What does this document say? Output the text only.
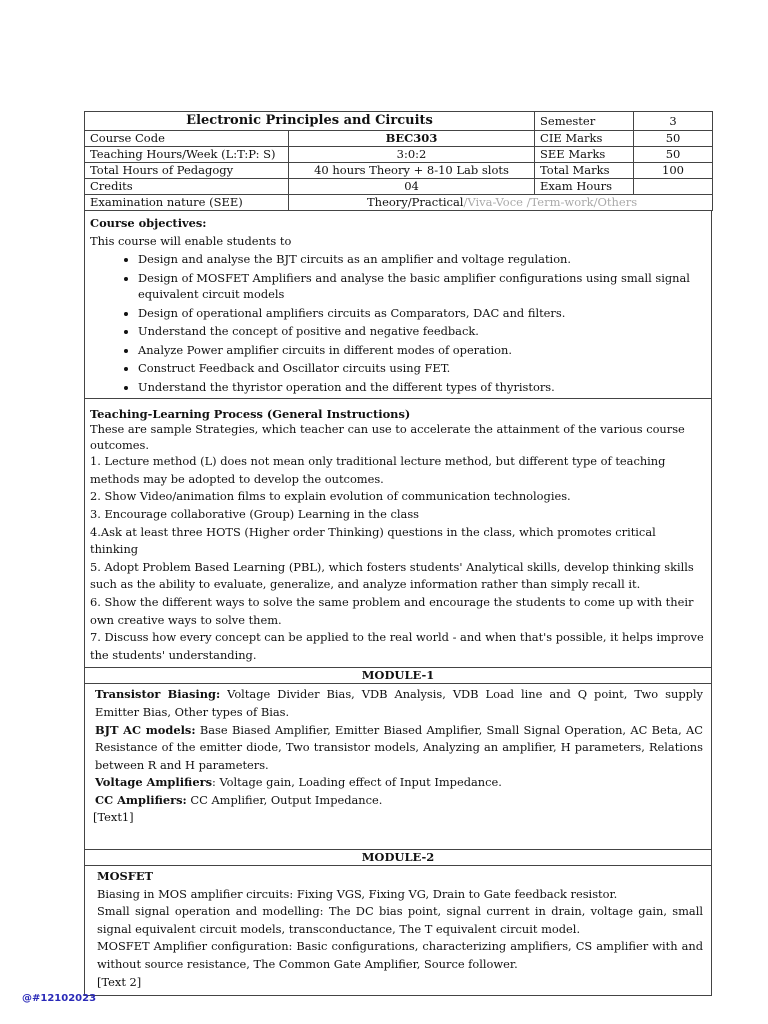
Electronic Principles and Circuits		Semester	3
Course Code	BEC303	CIE Marks	50
Teaching Hours/Week (L:T:P: S)	3:0:2	SEE Marks	50
Total Hours of Pedagogy	40 hours Theory + 8-10 Lab slots	Total Marks	100
Credits	04	Exam Hours	
Examination nature (SEE)	Theory/Practical/Viva-Voce /Term-work/Others		
Course objectives:
This course will enable students to
• Design and analyse the BJT circuits as an amplifier and voltage regulation.
• Design of MOSFET Amplifiers and analyse the basic amplifier configurations using small signal equivalent circuit models
• Design of operational amplifiers circuits as Comparators, DAC and filters.
• Understand the concept of positive and negative feedback.
• Analyze Power amplifier circuits in different modes of operation.
• Construct Feedback and Oscillator circuits using FET.
• Understand the thyristor operation and the different types of thyristors.
Teaching-Learning Process (General Instructions)
These are sample Strategies, which teacher can use to accelerate the attainment of the various course outcomes.
1. Lecture method (L) does not mean only traditional lecture method, but different type of teaching methods may be adopted to develop the outcomes.
2. Show Video/animation films to explain evolution of communication technologies.
3. Encourage collaborative (Group) Learning in the class
4.Ask at least three HOTS (Higher order Thinking) questions in the class, which promotes critical thinking
5. Adopt Problem Based Learning (PBL), which fosters students' Analytical skills, develop thinking skills such as the ability to evaluate, generalize, and analyze information rather than simply recall it.
6. Show the different ways to solve the same problem and encourage the students to come up with their own creative ways to solve them.
7. Discuss how every concept can be applied to the real world - and when that's possible, it helps improve the students' understanding.
MODULE-1

Transistor Biasing: Voltage Divider Bias, VDB Analysis, VDB Load line and Q point, Two supply Emitter Bias, Other types of Bias.

BJT AC models: Base Biased Amplifier, Emitter Biased Amplifier, Small Signal Operation, AC Beta, AC Resistance of the emitter diode, Two transistor models, Analyzing an amplifier, H parameters, Relations between R and H parameters.

Voltage Amplifiers: Voltage gain, Loading effect of Input Impedance.

CC Amplifiers: CC Amplifier, Output Impedance.

[Text1]

MODULE-2

MOSFET

Biasing in MOS amplifier circuits: Fixing VGS, Fixing VG, Drain to Gate feedback resistor.

Small signal operation and modelling: The DC bias point, signal current in drain, voltage gain, small signal equivalent circuit models, transconductance, The T equivalent circuit model.

MOSFET Amplifier configuration: Basic configurations, characterizing amplifiers, CS amplifier with and without source resistance, The Common Gate Amplifier, Source follower.

[Text 2]

@#12102023
